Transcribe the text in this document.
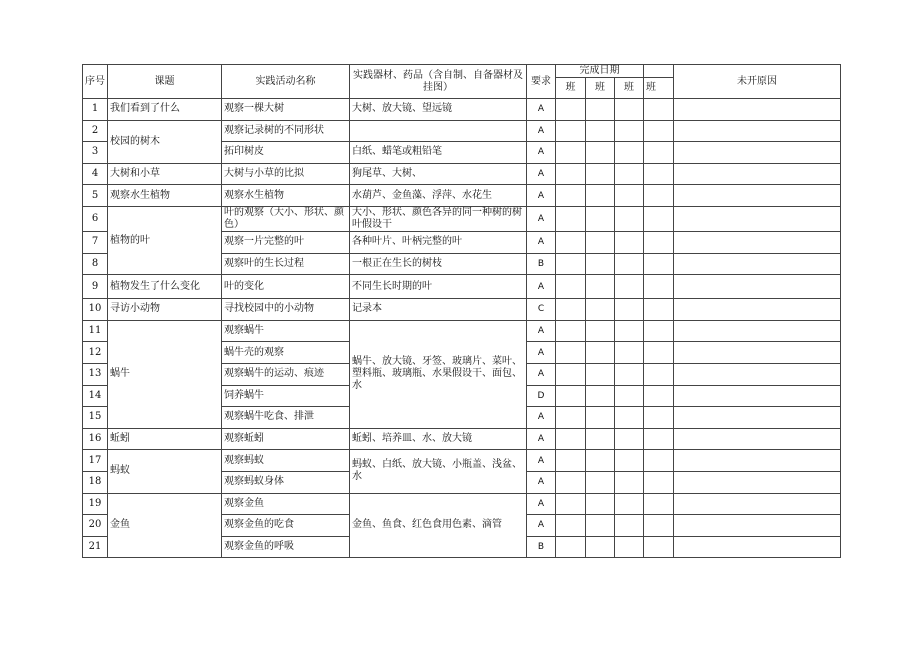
序号	课题	实践活动名称	实践器材、药品（含自制、自备器材及挂图）	要求	完成日期				未开原因
					班	班	班	班	
1	我们看到了什么	观察一棵大树	大树、放大镜、望远镜	A					
2	校园的树木	观察记录树的不同形状		A					
3		拓印树皮	白纸、蜡笔或粗铅笔	A					
4	大树和小草	大树与小草的比拟	狗尾草、大树、	A					
5	观察水生植物	观察水生植物	水葫芦、金鱼藻、浮萍、水花生	A					
6	植物的叶	叶的观察（大小、形状、颜色）	大小、形状、颜色各异的同一种树的树叶假设干	A					
7		观察一片完整的叶	各种叶片、叶柄完整的叶	A					
8		观察叶的生长过程	一根正在生长的树枝	B					
9	植物发生了什么变化	叶的变化	不同生长时期的叶	A					
10	寻访小动物	寻找校园中的小动物	记录本	C					
11	蜗牛	观察蜗牛	蜗牛、放大镜、牙签、玻璃片、菜叶、塑料瓶、玻璃瓶、水果假设干、面包、水	A					
12		蜗牛壳的观察		A					
13		观察蜗牛的运动、痕迹		A					
14		饲养蜗牛		D					
15		观察蜗牛吃食、排泄		A					
16	蚯蚓	观察蚯蚓	蚯蚓、培养皿、水、放大镜	A					
17	蚂蚁	观察蚂蚁	蚂蚁、白纸、放大镜、小瓶盖、浅盆、水	A					
18		观察蚂蚁身体		A					
19	金鱼	观察金鱼	金鱼、鱼食、红色食用色素、滴管	A					
20		观察金鱼的吃食		A					
21		观察金鱼的呼吸		B					
